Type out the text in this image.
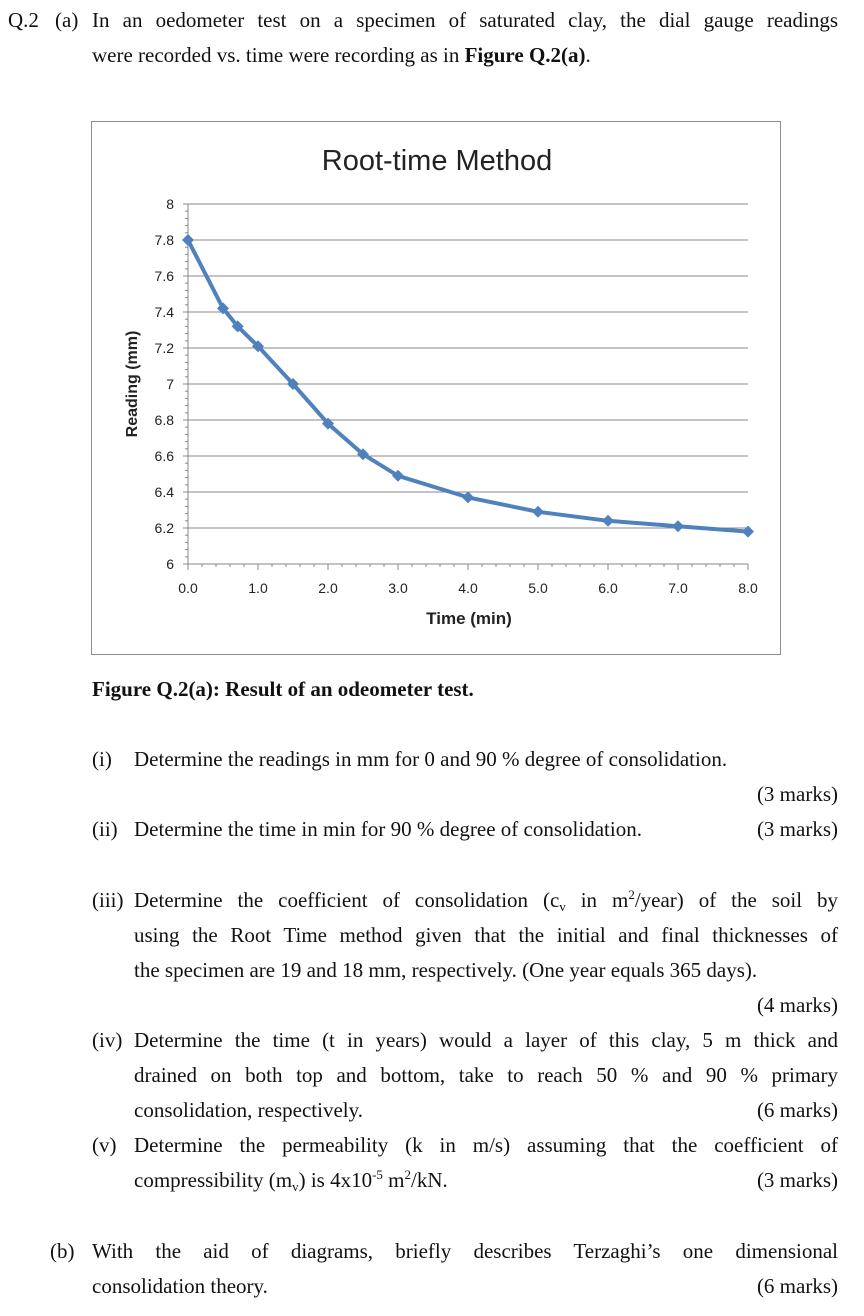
Q.2 (a) In an oedometer test on a specimen of saturated clay, the dial gauge readings
were recorded vs. time were recording as in Figure Q.2(a).
Root-time Method
8
7.8
7.6
7.4
7.2
7
6.8
6.6
6.4
6.2
6
0.0	1.0	2.0	3.0	4.0	5.0	6.0	7.0	8.0
Time (min)
Reading (mm)
Figure Q.2(a): Result of an odeometer test.
(i) Determine the readings in mm for 0 and 90 % degree of consolidation.
(3 marks)
(ii) Determine the time in min for 90 % degree of consolidation.	(3 marks)
(iii) Determine the coefficient of consolidation ($c_v$ in $m^2/year$) of the soil by
using the Root Time method given that the initial and final thicknesses of
the specimen are 19 and 18 mm, respectively. (One year equals 365 days).
(4 marks)
(iv) Determine the time (t in years) would a layer of this clay, 5 m thick and
drained on both top and bottom, take to reach 50 % and 90 % primary
consolidation, respectively.	(6 marks)
(v) Determine the permeability (k in m/s) assuming that the coefficient of
compressibility $(m_v)$ is $4x10^{-5}$ $m^2/kN$.	(3 marks)
(b) With the aid of diagrams, briefly describes Terzaghi’s one dimensional
consolidation theory.	(6 marks)
